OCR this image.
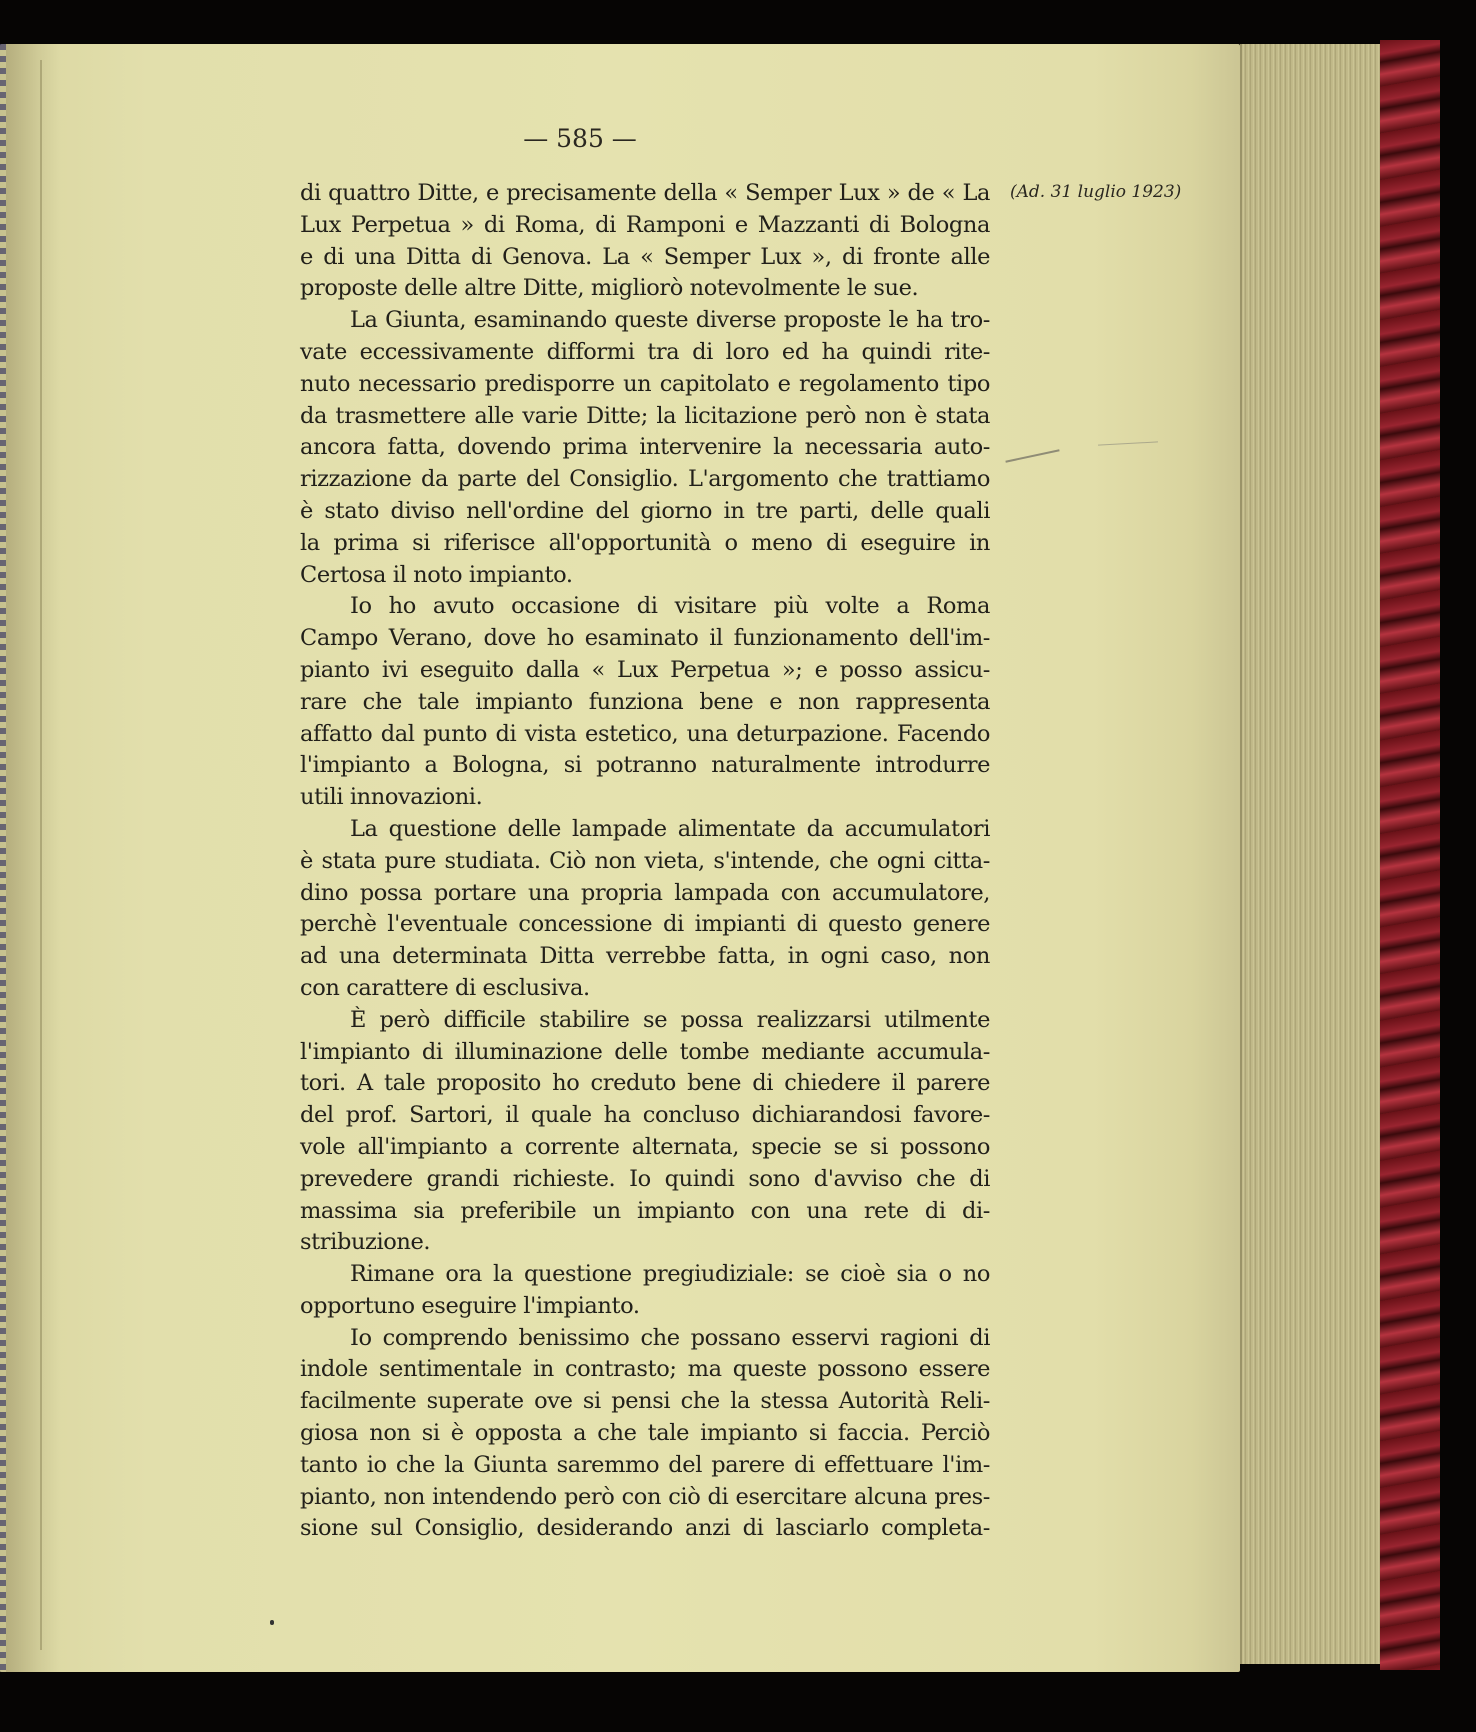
— 585 —
(Ad. 31 luglio 1923)
di quattro Ditte, e precisamente della « Semper Lux » de « La
Lux Perpetua » di Roma, di Ramponi e Mazzanti di Bologna
e di una Ditta di Genova. La « Semper Lux », di fronte alle
proposte delle altre Ditte, migliorò notevolmente le sue.
La Giunta, esaminando queste diverse proposte le ha tro-
vate eccessivamente difformi tra di loro ed ha quindi rite-
nuto necessario predisporre un capitolato e regolamento tipo
da trasmettere alle varie Ditte; la licitazione però non è stata
ancora fatta, dovendo prima intervenire la necessaria auto-
rizzazione da parte del Consiglio. L'argomento che trattiamo
è stato diviso nell'ordine del giorno in tre parti, delle quali
la prima si riferisce all'opportunità o meno di eseguire in
Certosa il noto impianto.
Io ho avuto occasione di visitare più volte a Roma
Campo Verano, dove ho esaminato il funzionamento dell'im-
pianto ivi eseguito dalla « Lux Perpetua »; e posso assicu-
rare che tale impianto funziona bene e non rappresenta
affatto dal punto di vista estetico, una deturpazione. Facendo
l'impianto a Bologna, si potranno naturalmente introdurre
utili innovazioni.
La questione delle lampade alimentate da accumulatori
è stata pure studiata. Ciò non vieta, s'intende, che ogni citta-
dino possa portare una propria lampada con accumulatore,
perchè l'eventuale concessione di impianti di questo genere
ad una determinata Ditta verrebbe fatta, in ogni caso, non
con carattere di esclusiva.
È però difficile stabilire se possa realizzarsi utilmente
l'impianto di illuminazione delle tombe mediante accumula-
tori. A tale proposito ho creduto bene di chiedere il parere
del prof. Sartori, il quale ha concluso dichiarandosi favore-
vole all'impianto a corrente alternata, specie se si possono
prevedere grandi richieste. Io quindi sono d'avviso che di
massima sia preferibile un impianto con una rete di di-
stribuzione.
Rimane ora la questione pregiudiziale: se cioè sia o no
opportuno eseguire l'impianto.
Io comprendo benissimo che possano esservi ragioni di
indole sentimentale in contrasto; ma queste possono essere
facilmente superate ove si pensi che la stessa Autorità Reli-
giosa non si è opposta a che tale impianto si faccia. Perciò
tanto io che la Giunta saremmo del parere di effettuare l'im-
pianto, non intendendo però con ciò di esercitare alcuna pres-
sione sul Consiglio, desiderando anzi di lasciarlo completa-
